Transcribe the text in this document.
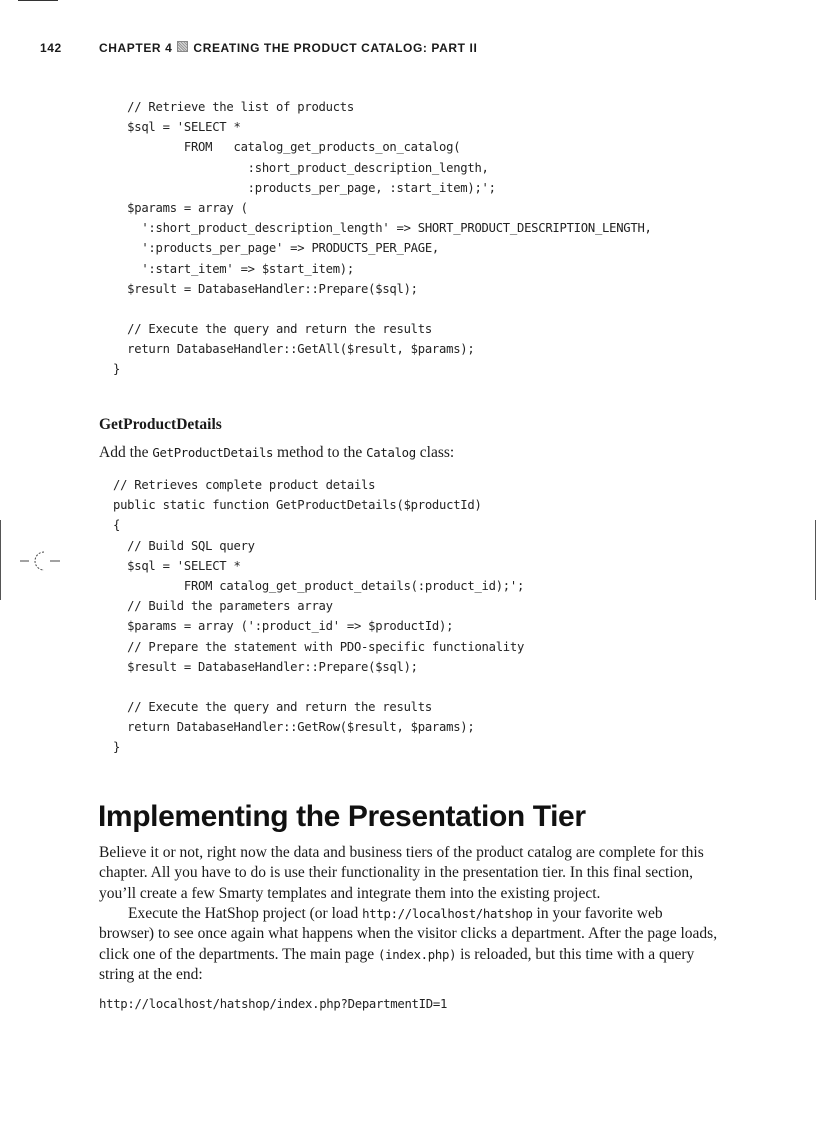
142	CHAPTER 4 CREATING THE PRODUCT CATALOG: PART II
// Retrieve the list of products
$sql = 'SELECT *
FROM   catalog_get_products_on_catalog(
:short_product_description_length,
:products_per_page, :start_item);';
$params = array (
':short_product_description_length' => SHORT_PRODUCT_DESCRIPTION_LENGTH,
':products_per_page' => PRODUCTS_PER_PAGE,
':start_item' => $start_item);
$result = DatabaseHandler::Prepare($sql);
// Execute the query and return the results
return DatabaseHandler::GetAll($result, $params);
}
GetProductDetails
Add the GetProductDetails method to the Catalog class:
// Retrieves complete product details
public static function GetProductDetails($productId)
{
// Build SQL query
$sql = 'SELECT *
FROM catalog_get_product_details(:product_id);';
// Build the parameters array
$params = array (':product_id' => $productId);
// Prepare the statement with PDO-specific functionality
$result = DatabaseHandler::Prepare($sql);
// Execute the query and return the results
return DatabaseHandler::GetRow($result, $params);
}
Implementing the Presentation Tier
Believe it or not, right now the data and business tiers of the product catalog are complete for this chapter. All you have to do is use their functionality in the presentation tier. In this final section, you’ll create a few Smarty templates and integrate them into the existing project.
Execute the HatShop project (or load http://localhost/hatshop in your favorite web browser) to see once again what happens when the visitor clicks a department. After the page loads, click one of the departments. The main page (index.php) is reloaded, but this time with a query string at the end:
http://localhost/hatshop/index.php?DepartmentID=1
